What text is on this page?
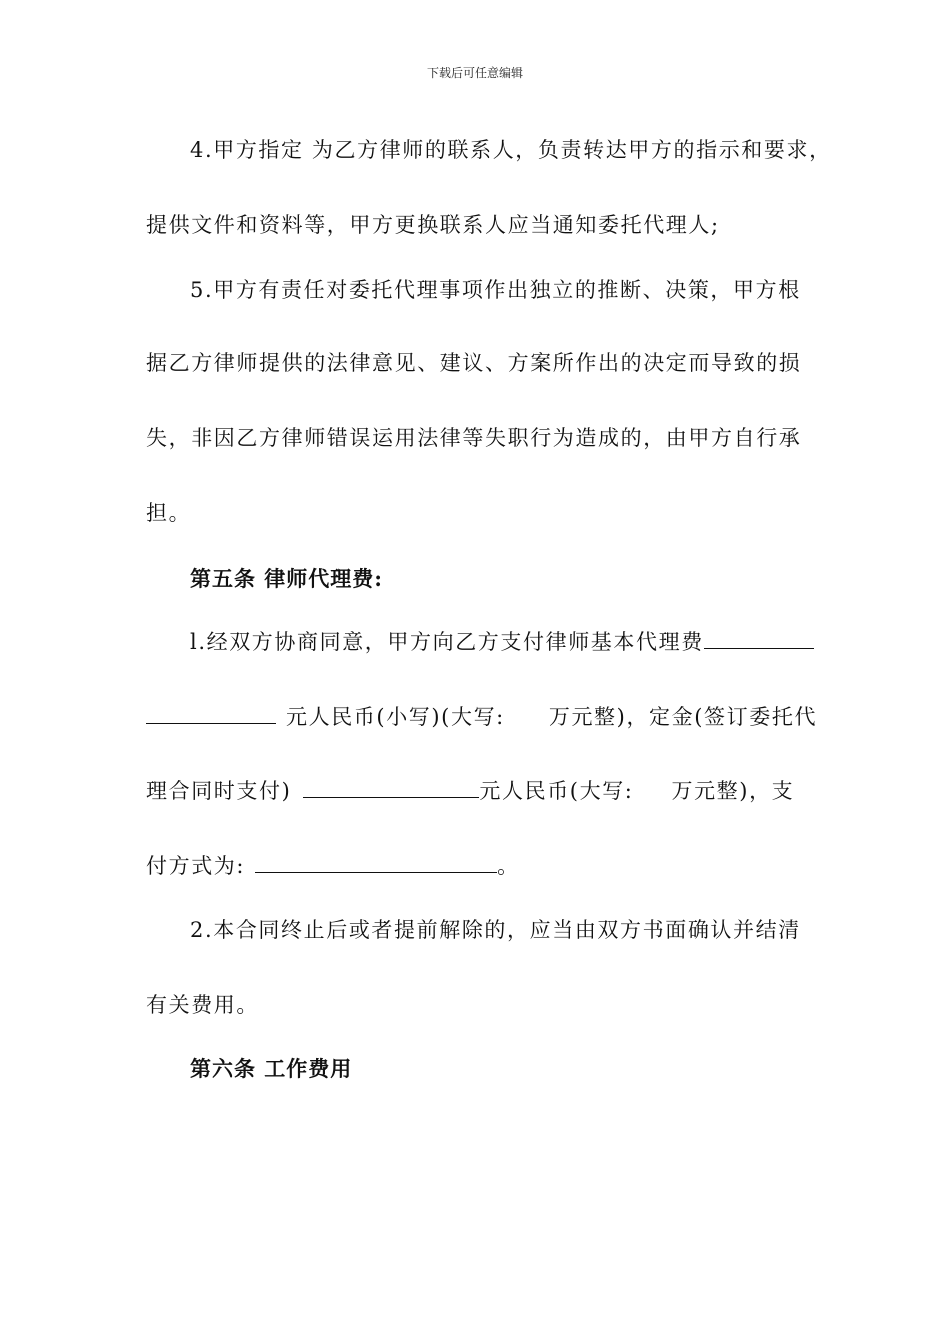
下载后可任意编辑
4.甲方指定 为乙方律师的联系人，负责转达甲方的指示和要求，
提供文件和资料等，甲方更换联系人应当通知委托代理人;
5.甲方有责任对委托代理事项作出独立的推断、决策，甲方根
据乙方律师提供的法律意见、建议、方案所作出的决定而导致的损
失，非因乙方律师错误运用法律等失职行为造成的，由甲方自行承
担。
第五条 律师代理费:
l.经双方协商同意，甲方向乙方支付律师基本代理费
元人民币(小写)(大写: 万元整)，定金(签订委托代
理合同时支付)	元人民币(大写: 万元整)，支
付方式为:	。
2.本合同终止后或者提前解除的，应当由双方书面确认并结清
有关费用。
第六条 工作费用
